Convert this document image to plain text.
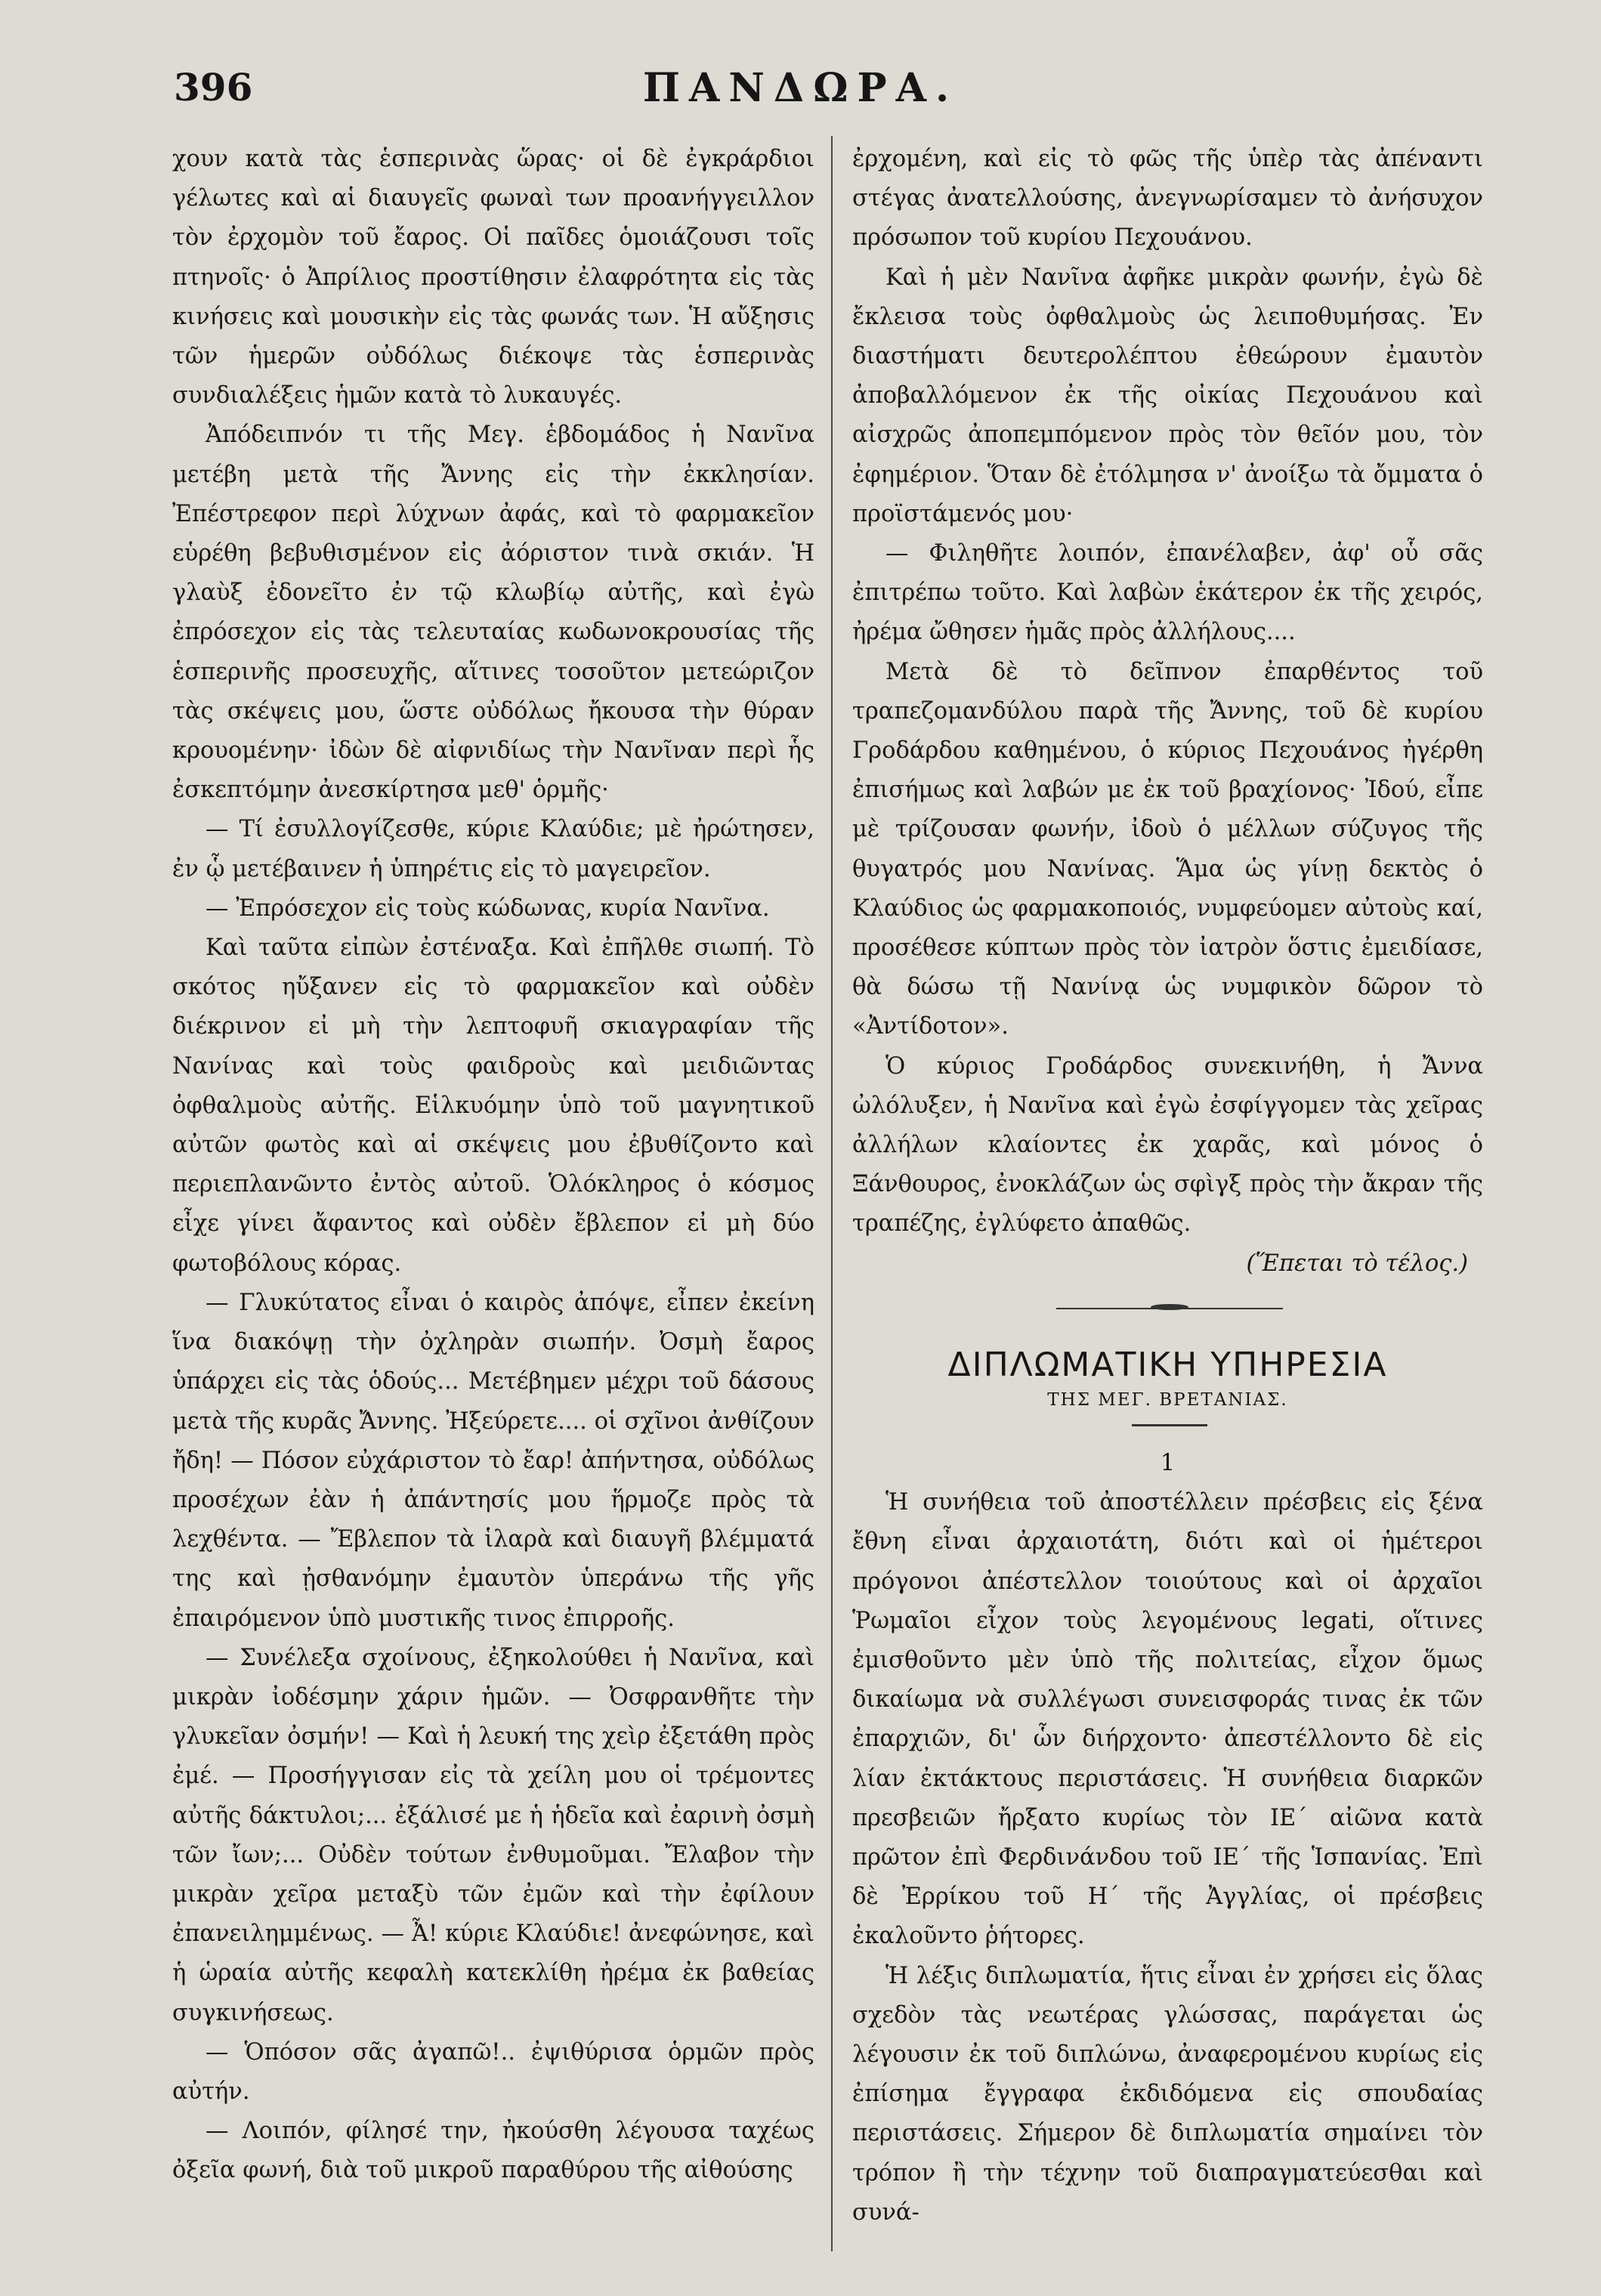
396	ΠΑΝΔΩΡΑ.

χουν κατὰ τὰς ἑσπερινὰς ὥρας· οἱ δὲ ἐγκράρδιοι γέλωτες καὶ αἱ διαυγεῖς φωναὶ των προανήγγειλλον τὸν ἐρχομὸν τοῦ ἔαρος. Οἱ παῖδες ὁμοιάζουσι τοῖς πτηνοῖς· ὁ Ἀπρίλιος προστίθησιν ἐλαφρότητα εἰς τὰς κινήσεις καὶ μουσικὴν εἰς τὰς φωνάς των. Ἡ αὔξησις τῶν ἡμερῶν οὐδόλως διέκοψε τὰς ἑσπερινὰς συνδιαλέξεις ἡμῶν κατὰ τὸ λυκαυγές.

Ἀπόδειπνόν τι τῆς Μεγ. ἑβδομάδος ἡ Νανῖνα μετέβη μετὰ τῆς Ἄννης εἰς τὴν ἐκκλησίαν. Ἐπέστρεφον περὶ λύχνων ἀφάς, καὶ τὸ φαρμακεῖον εὑρέθη βεβυθισμένον εἰς ἀόριστον τινὰ σκιάν. Ἡ γλαὺξ ἐδονεῖτο ἐν τῷ κλωβίῳ αὐτῆς, καὶ ἐγὼ ἐπρόσεχον εἰς τὰς τελευταίας κωδωνοκρουσίας τῆς ἑσπερινῆς προσευχῆς, αἵτινες τοσοῦτον μετεώριζον τὰς σκέψεις μου, ὥστε οὐδόλως ἤκουσα τὴν θύραν κρουομένην· ἰδὼν δὲ αἰφνιδίως τὴν Νανῖναν περὶ ἧς ἐσκεπτόμην ἀνεσκίρτησα μεθ' ὁρμῆς·

— Τί ἐσυλλογίζεσθε, κύριε Κλαύδιε; μὲ ἠρώτησεν, ἐν ᾧ μετέβαινεν ἡ ὑπηρέτις εἰς τὸ μαγειρεῖον.

— Ἐπρόσεχον εἰς τοὺς κώδωνας, κυρία Νανῖνα.

Καὶ ταῦτα εἰπὼν ἐστέναξα. Καὶ ἐπῆλθε σιωπή. Τὸ σκότος ηὔξανεν εἰς τὸ φαρμακεῖον καὶ οὐδὲν διέκρινον εἰ μὴ τὴν λεπτοφυῆ σκιαγραφίαν τῆς Νανίνας καὶ τοὺς φαιδροὺς καὶ μειδιῶντας ὀφθαλμοὺς αὐτῆς. Εἱλκυόμην ὑπὸ τοῦ μαγνητικοῦ αὐτῶν φωτὸς καὶ αἱ σκέψεις μου ἐβυθίζοντο καὶ περιεπλανῶντο ἐντὸς αὐτοῦ. Ὁλόκληρος ὁ κόσμος εἶχε γίνει ἄφαντος καὶ οὐδὲν ἔβλεπον εἰ μὴ δύο φωτοβόλους κόρας.

— Γλυκύτατος εἶναι ὁ καιρὸς ἀπόψε, εἶπεν ἐκείνη ἵνα διακόψῃ τὴν ὀχληρὰν σιωπήν. Ὀσμὴ ἔαρος ὑπάρχει εἰς τὰς ὁδούς... Μετέβημεν μέχρι τοῦ δάσους μετὰ τῆς κυρᾶς Ἄννης. Ἠξεύρετε.... οἱ σχῖνοι ἀνθίζουν ἤδη! — Πόσον εὐχάριστον τὸ ἔαρ! ἀπήντησα, οὐδόλως προσέχων ἐὰν ἡ ἀπάντησίς μου ἥρμοζε πρὸς τὰ λεχθέντα. — Ἔβλεπον τὰ ἱλαρὰ καὶ διαυγῆ βλέμματά της καὶ ᾐσθανόμην ἐμαυτὸν ὑπεράνω τῆς γῆς ἐπαιρόμενον ὑπὸ μυστικῆς τινος ἐπιρροῆς.

— Συνέλεξα σχοίνους, ἐξηκολούθει ἡ Νανῖνα, καὶ μικρὰν ἰοδέσμην χάριν ἡμῶν. — Ὀσφρανθῆτε τὴν γλυκεῖαν ὀσμήν! — Καὶ ἡ λευκή της χεὶρ ἐξετάθη πρὸς ἐμέ. — Προσήγγισαν εἰς τὰ χείλη μου οἱ τρέμοντες αὐτῆς δάκτυλοι;... ἐξάλισέ με ἡ ἡδεῖα καὶ ἐαρινὴ ὀσμὴ τῶν ἴων;... Οὐδὲν τούτων ἐνθυμοῦμαι. Ἔλαβον τὴν μικρὰν χεῖρα μεταξὺ τῶν ἐμῶν καὶ τὴν ἐφίλουν ἐπανειλημμένως. — Ἆ! κύριε Κλαύδιε! ἀνεφώνησε, καὶ ἡ ὡραία αὐτῆς κεφαλὴ κατεκλίθη ἠρέμα ἐκ βαθείας συγκινήσεως.

— Ὁπόσον σᾶς ἀγαπῶ!.. ἐψιθύρισα ὁρμῶν πρὸς αὐτήν.

— Λοιπόν, φίλησέ την, ἠκούσθη λέγουσα ταχέως ὀξεῖα φωνή, διὰ τοῦ μικροῦ παραθύρου τῆς αἰθούσης

ἐρχομένη, καὶ εἰς τὸ φῶς τῆς ὑπὲρ τὰς ἀπέναντι στέγας ἀνατελλούσης, ἀνεγνωρίσαμεν τὸ ἀνήσυχον πρόσωπον τοῦ κυρίου Πεχουάνου.

Καὶ ἡ μὲν Νανῖνα ἀφῆκε μικρὰν φωνήν, ἐγὼ δὲ ἔκλεισα τοὺς ὀφθαλμοὺς ὡς λειποθυμήσας. Ἐν διαστήματι δευτερολέπτου ἐθεώρουν ἐμαυτὸν ἀποβαλλόμενον ἐκ τῆς οἰκίας Πεχουάνου καὶ αἰσχρῶς ἀποπεμπόμενον πρὸς τὸν θεῖόν μου, τὸν ἐφημέριον. Ὅταν δὲ ἐτόλμησα ν' ἀνοίξω τὰ ὄμματα ὁ προϊστάμενός μου·

— Φιληθῆτε λοιπόν, ἐπανέλαβεν, ἀφ' οὗ σᾶς ἐπιτρέπω τοῦτο. Καὶ λαβὼν ἑκάτερον ἐκ τῆς χειρός, ἠρέμα ὤθησεν ἡμᾶς πρὸς ἀλλήλους....

Μετὰ δὲ τὸ δεῖπνον ἐπαρθέντος τοῦ τραπεζομανδύλου παρὰ τῆς Ἄννης, τοῦ δὲ κυρίου Γροδάρδου καθημένου, ὁ κύριος Πεχουάνος ἠγέρθη ἐπισήμως καὶ λαβών με ἐκ τοῦ βραχίονος· Ἰδού, εἶπε μὲ τρίζουσαν φωνήν, ἰδοὺ ὁ μέλλων σύζυγος τῆς θυγατρός μου Νανίνας. Ἅμα ὡς γίνῃ δεκτὸς ὁ Κλαύδιος ὡς φαρμακοποιός, νυμφεύομεν αὐτοὺς καί, προσέθεσε κύπτων πρὸς τὸν ἰατρὸν ὅστις ἐμειδίασε, θὰ δώσω τῇ Νανίνᾳ ὡς νυμφικὸν δῶρον τὸ «Ἀντίδοτον».

Ὁ κύριος Γροδάρδος συνεκινήθη, ἡ Ἄννα ὠλόλυξεν, ἡ Νανῖνα καὶ ἐγὼ ἐσφίγγομεν τὰς χεῖρας ἀλλήλων κλαίοντες ἐκ χαρᾶς, καὶ μόνος ὁ Ξάνθουρος, ἐνοκλάζων ὡς σφὶγξ πρὸς τὴν ἄκραν τῆς τραπέζης, ἐγλύφετο ἀπαθῶς.

(Ἕπεται τὸ τέλος.)

ΔΙΠΛΩΜΑΤΙΚΗ ΥΠΗΡΕΣΙΑ

ΤΗΣ ΜΕΓ. ΒΡΕΤΑΝΙΑΣ.

1

Ἡ συνήθεια τοῦ ἀποστέλλειν πρέσβεις εἰς ξένα ἔθνη εἶναι ἀρχαιοτάτη, διότι καὶ οἱ ἡμέτεροι πρόγονοι ἀπέστελλον τοιούτους καὶ οἱ ἀρχαῖοι Ῥωμαῖοι εἶχον τοὺς λεγομένους legati, οἵτινες ἐμισθοῦντο μὲν ὑπὸ τῆς πολιτείας, εἶχον ὅμως δικαίωμα νὰ συλλέγωσι συνεισφοράς τινας ἐκ τῶν ἐπαρχιῶν, δι' ὧν διήρχοντο· ἀπεστέλλοντο δὲ εἰς λίαν ἐκτάκτους περιστάσεις. Ἡ συνήθεια διαρκῶν πρεσβειῶν ἤρξατο κυρίως τὸν ΙΕ΄ αἰῶνα κατὰ πρῶτον ἐπὶ Φερδινάνδου τοῦ ΙΕ΄ τῆς Ἱσπανίας. Ἐπὶ δὲ Ἐρρίκου τοῦ Η΄ τῆς Ἀγγλίας, οἱ πρέσβεις ἐκαλοῦντο ῥήτορες.

Ἡ λέξις διπλωματία, ἥτις εἶναι ἐν χρήσει εἰς ὅλας σχεδὸν τὰς νεωτέρας γλώσσας, παράγεται ὡς λέγουσιν ἐκ τοῦ διπλώνω, ἀναφερομένου κυρίως εἰς ἐπίσημα ἔγγραφα ἐκδιδόμενα εἰς σπουδαίας περιστάσεις. Σήμερον δὲ διπλωματία σημαίνει τὸν τρόπον ἢ τὴν τέχνην τοῦ διαπραγματεύεσθαι καὶ συνά-
